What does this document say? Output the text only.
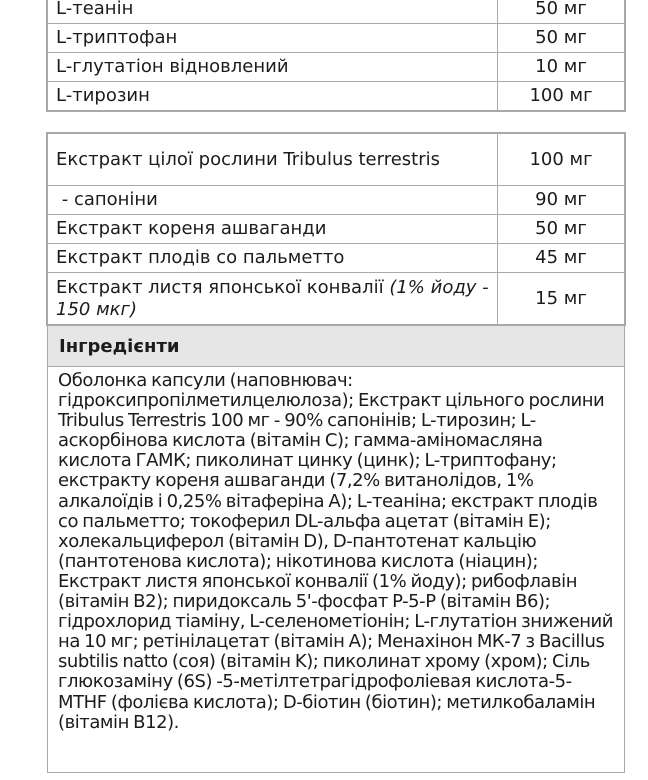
L-теанін	50 мг
L-триптофан	50 мг
L-глутатіон відновлений	10 мг
L-тирозин	100 мг
Екстракт цілої рослини Tribulus terrestris	100 мг
- сапоніни	90 мг
Екстракт кореня ашваганди	50 мг
Екстракт плодів со пальметто	45 мг
Екстракт листя японської конвалії (1% йоду - 150 мкг)	15 мг
Інгредієнти
Оболонка капсули (наповнювач: гідроксипропілметилцелюлоза); Екстракт цільного рослини Tribulus Terrestris 100 мг - 90% сапонінів; L-тирозин; L-аскорбінова кислота (вітамін C); гамма-аміномасляна кислота ГАМК; пиколинат цинку (цинк); L-триптофану; екстракту кореня ашваганди (7,2% витанолідов, 1% алкалоїдів і 0,25% вітаферіна A); L-теаніна; екстракт плодів со пальметто; токоферил DL-альфа ацетат (вітамін E); холекальциферол (вітамін D), D-пантотенат кальцію (пантотенова кислота); нікотинова кислота (ніацин); Екстракт листя японської конвалії (1% йоду); рибофлавін (вітамін B2); пиридоксаль 5'-фосфат P-5-P (вітамін B6); гідрохлорид тіаміну, L-селенометіонін; L-глутатіон знижений на 10 мг; ретінілацетат (вітамін A); Менахінон МК-7 з Bacillus subtilis natto (соя) (вітамін K); пиколинат хрому (хром); Сіль глюкозаміну (6S) -5-метілтетрагідрофоліевая кислота-5-MTHF (фолієва кислота); D-біотин (біотин); метилкобаламін (вітамін B12).
